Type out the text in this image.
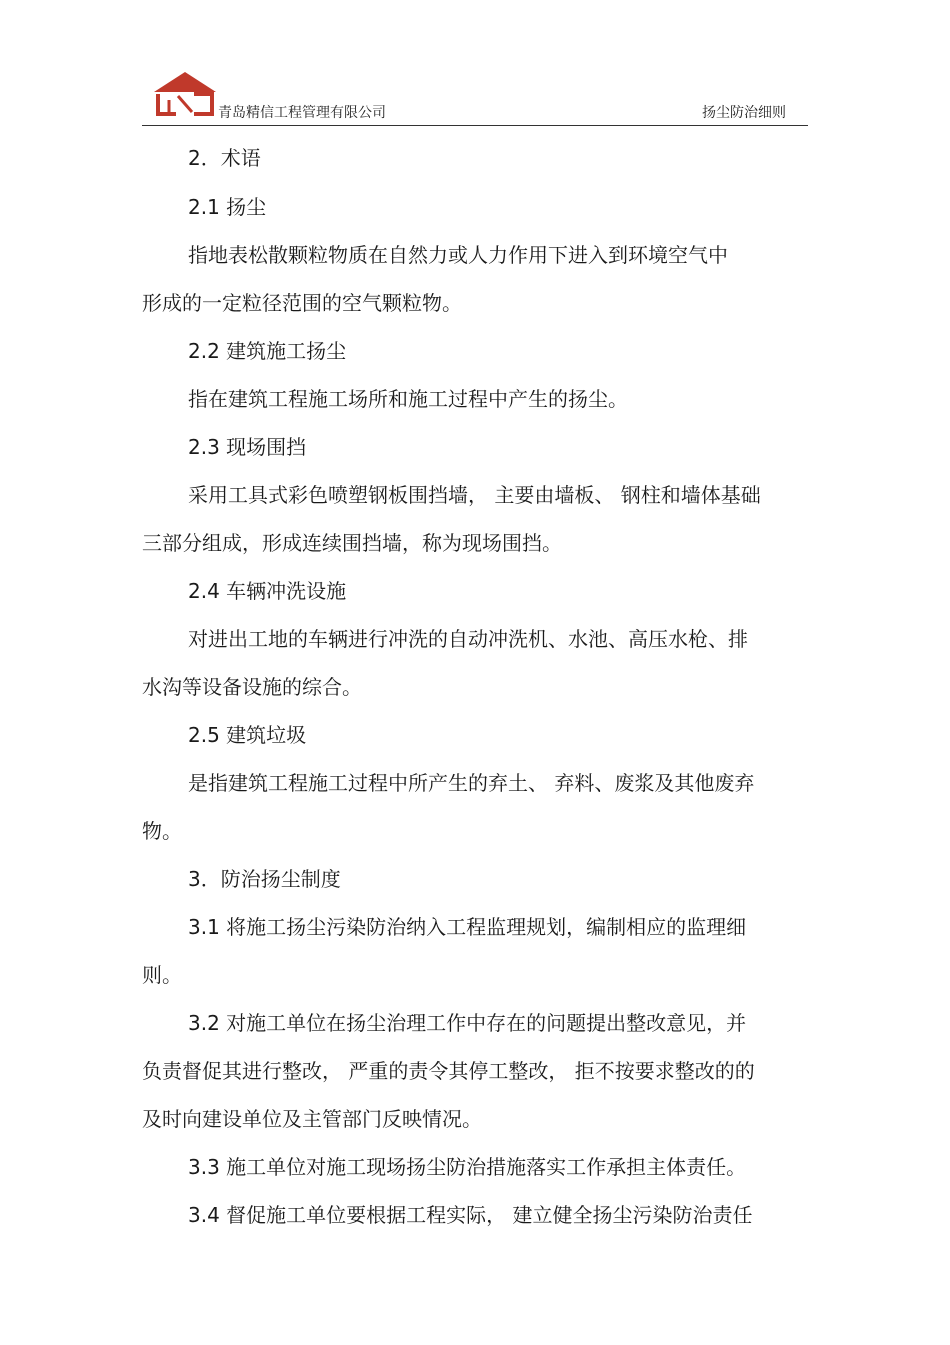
青岛精信工程管理有限公司	扬尘防治细则
2．术语
2.1 扬尘
指地表松散颗粒物质在自然力或人力作用下进入到环境空气中
形成的一定粒径范围的空气颗粒物。
2.2 建筑施工扬尘
指在建筑工程施工场所和施工过程中产生的扬尘。
2.3 现场围挡
采用工具式彩色喷塑钢板围挡墙， 主要由墙板、 钢柱和墙体基础
三部分组成，形成连续围挡墙，称为现场围挡。
2.4 车辆冲洗设施
对进出工地的车辆进行冲洗的自动冲洗机、水池、高压水枪、排
水沟等设备设施的综合。
2.5 建筑垃圾
是指建筑工程施工过程中所产生的弃土、 弃料、废浆及其他废弃
物。
3．防治扬尘制度
3.1 将施工扬尘污染防治纳入工程监理规划，编制相应的监理细
则。
3.2 对施工单位在扬尘治理工作中存在的问题提出整改意见，并
负责督促其进行整改， 严重的责令其停工整改， 拒不按要求整改的的
及时向建设单位及主管部门反映情况。
3.3 施工单位对施工现场扬尘防治措施落实工作承担主体责任。
3.4 督促施工单位要根据工程实际， 建立健全扬尘污染防治责任
